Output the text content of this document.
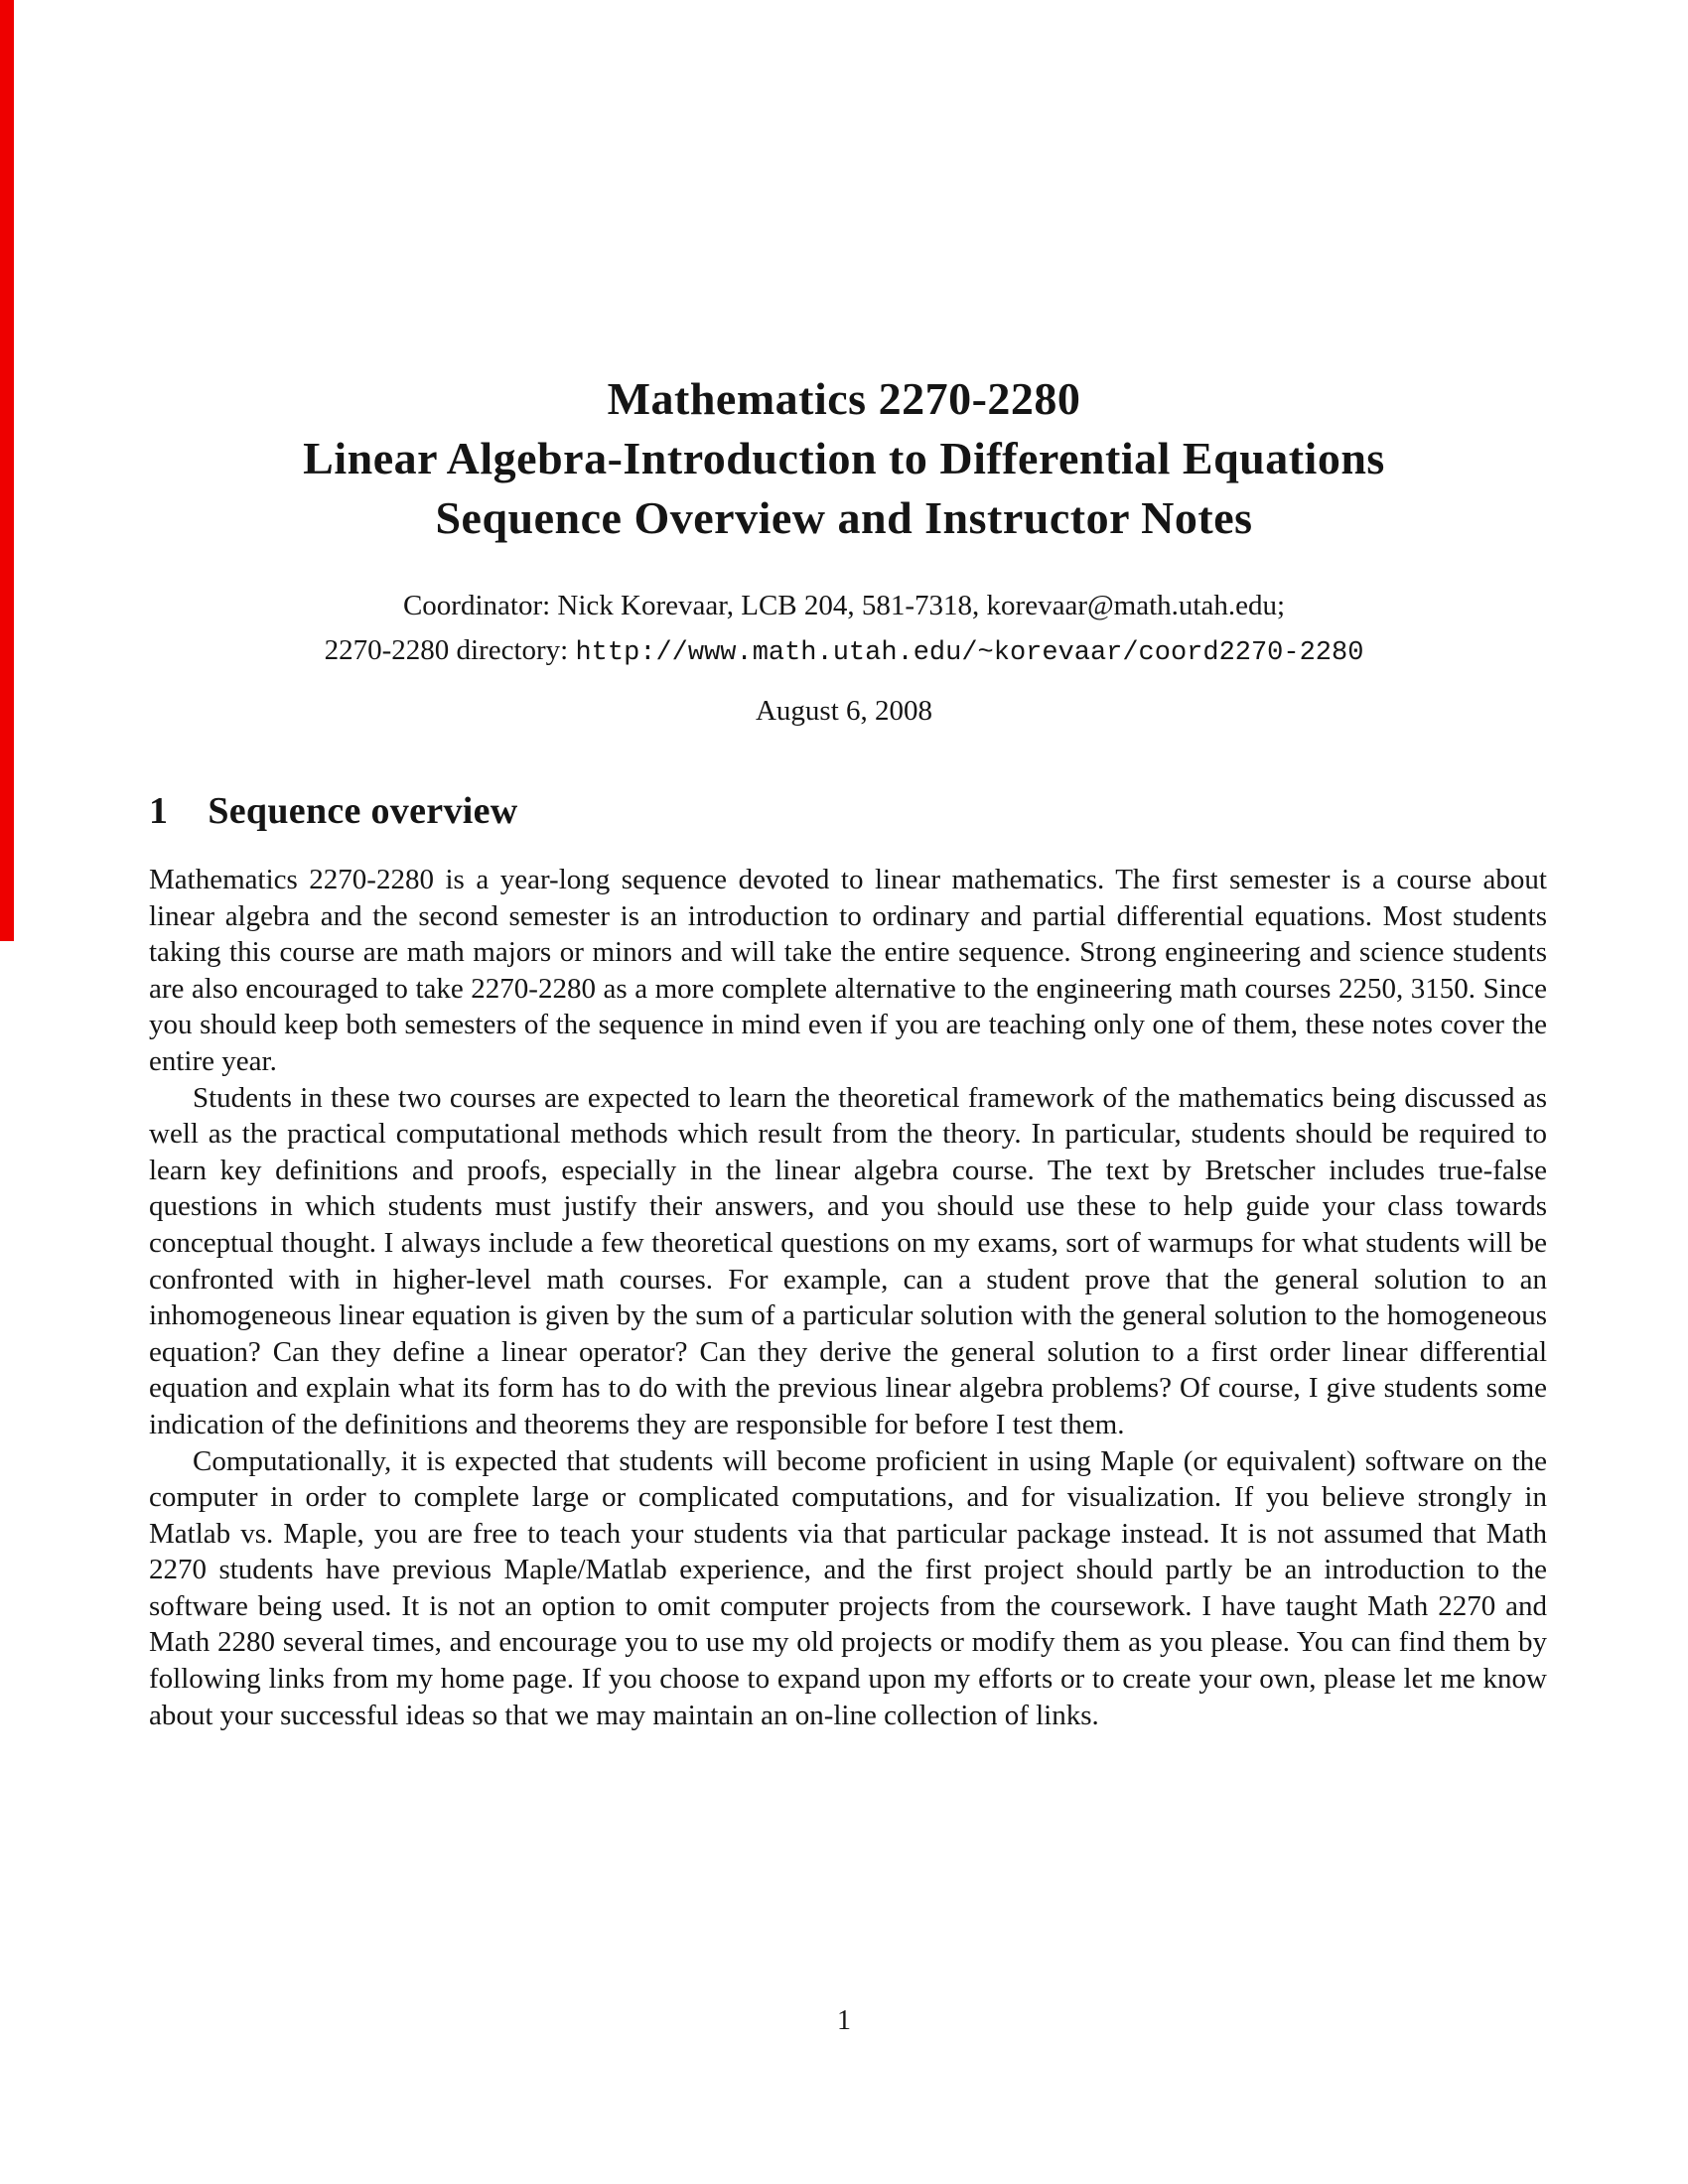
Mathematics 2270-2280
Linear Algebra-Introduction to Differential Equations
Sequence Overview and Instructor Notes
Coordinator: Nick Korevaar, LCB 204, 581-7318, korevaar@math.utah.edu;
2270-2280 directory: http://www.math.utah.edu/~korevaar/coord2270-2280
August 6, 2008
1 Sequence overview

Mathematics 2270-2280 is a year-long sequence devoted to linear mathematics. The first semester is a course about linear algebra and the second semester is an introduction to ordinary and partial differential equations. Most students taking this course are math majors or minors and will take the entire sequence. Strong engineering and science students are also encouraged to take 2270-2280 as a more complete alternative to the engineering math courses 2250, 3150. Since you should keep both semesters of the sequence in mind even if you are teaching only one of them, these notes cover the entire year.

Students in these two courses are expected to learn the theoretical framework of the mathematics being discussed as well as the practical computational methods which result from the theory. In particular, students should be required to learn key definitions and proofs, especially in the linear algebra course. The text by Bretscher includes true-false questions in which students must justify their answers, and you should use these to help guide your class towards conceptual thought. I always include a few theoretical questions on my exams, sort of warmups for what students will be confronted with in higher-level math courses. For example, can a student prove that the general solution to an inhomogeneous linear equation is given by the sum of a particular solution with the general solution to the homogeneous equation? Can they define a linear operator? Can they derive the general solution to a first order linear differential equation and explain what its form has to do with the previous linear algebra problems? Of course, I give students some indication of the definitions and theorems they are responsible for before I test them.

Computationally, it is expected that students will become proficient in using Maple (or equivalent) software on the computer in order to complete large or complicated computations, and for visualization. If you believe strongly in Matlab vs. Maple, you are free to teach your students via that particular package instead. It is not assumed that Math 2270 students have previous Maple/Matlab experience, and the first project should partly be an introduction to the software being used. It is not an option to omit computer projects from the coursework. I have taught Math 2270 and Math 2280 several times, and encourage you to use my old projects or modify them as you please. You can find them by following links from my home page. If you choose to expand upon my efforts or to create your own, please let me know about your successful ideas so that we may maintain an on-line collection of links.

1
